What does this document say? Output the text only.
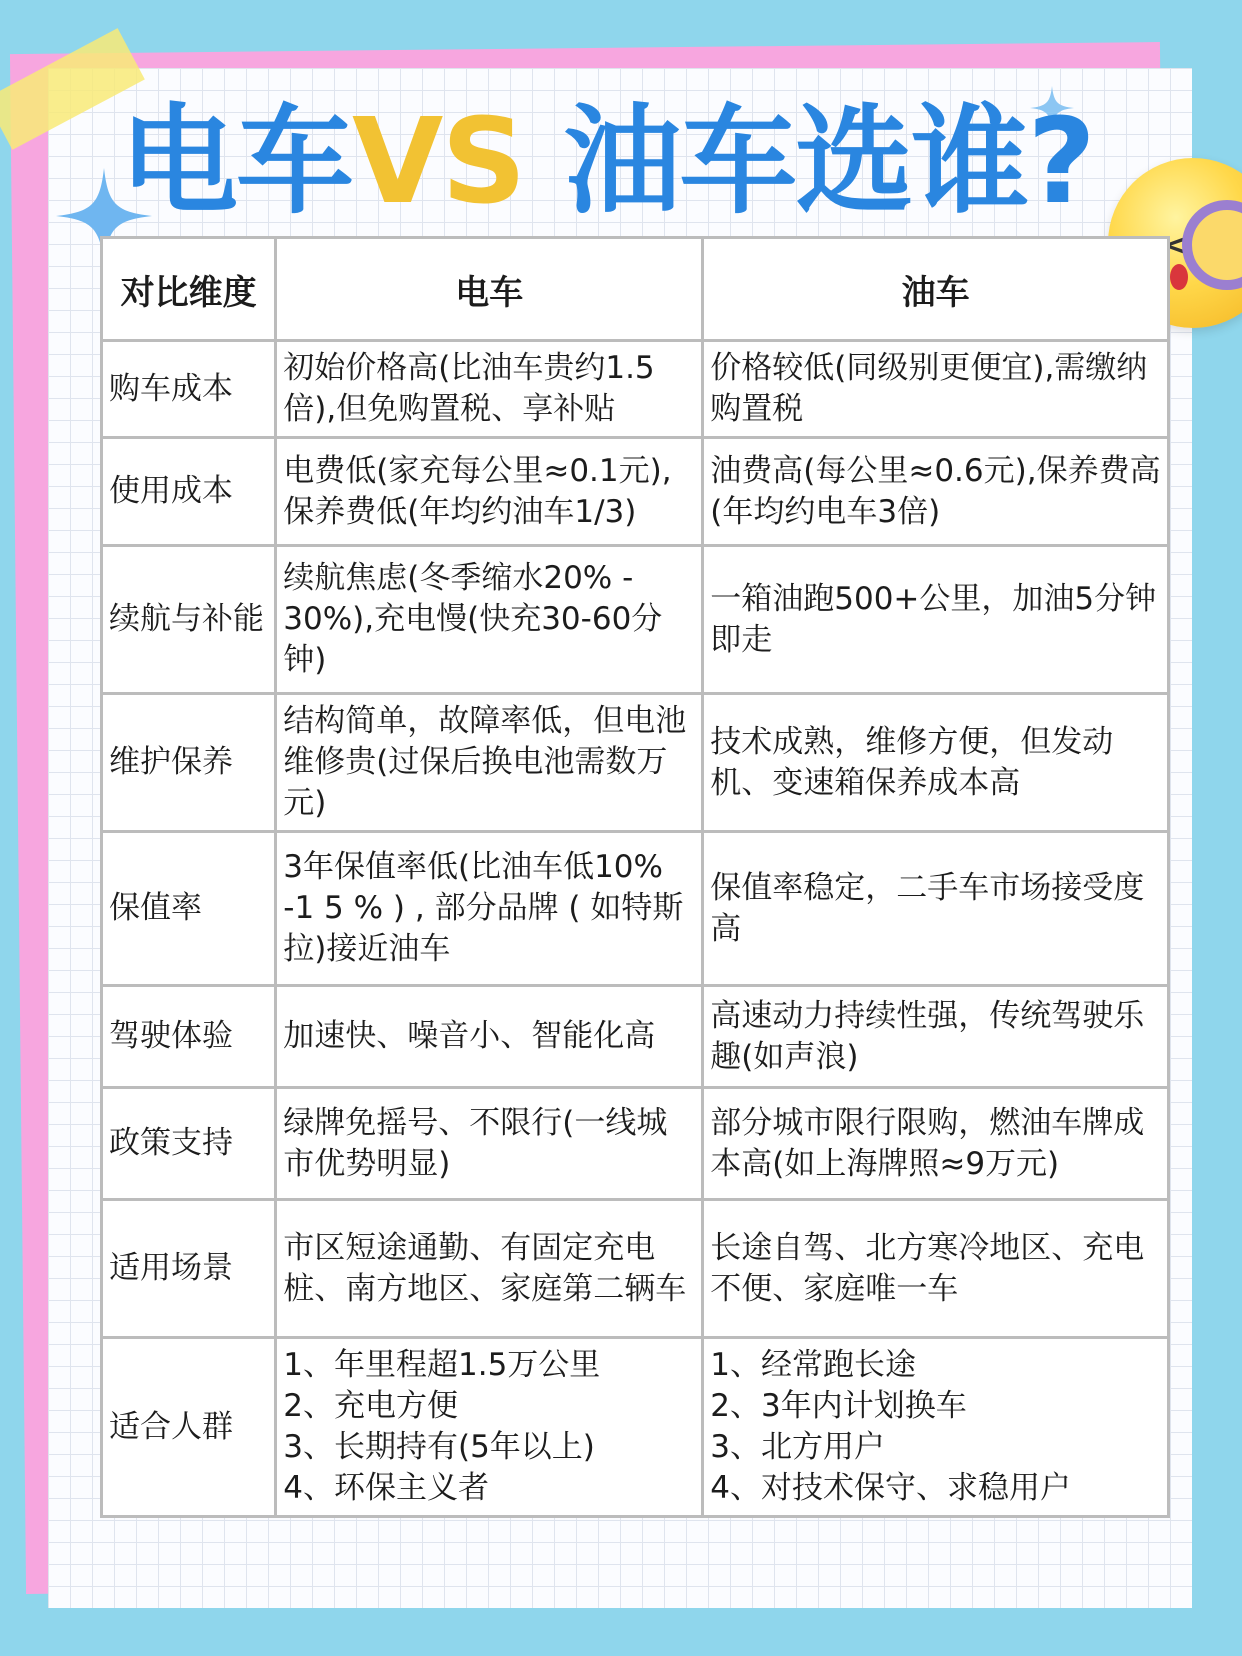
电车VS 油车选谁?
对比维度	电车	油车
购车成本	初始价格高(比油车贵约1.5倍),但免购置税、享补贴	价格较低(同级别更便宜),需缴纳购置税
使用成本	电费低(家充每公里≈0.1元),保养费低(年均约油车1/3)	油费高(每公里≈0.6元),保养费高(年均约电车3倍)
续航与补能	续航焦虑(冬季缩水20% - 30%),充电慢(快充30-60分钟)	一箱油跑500+公里，加油5分钟即走
维护保养	结构简单，故障率低，但电池维修贵(过保后换电池需数万元)	技术成熟，维修方便，但发动机、变速箱保养成本高
保值率	3年保值率低(比油车低10% -1 5 % ) , 部分品牌 ( 如特斯拉)接近油车	保值率稳定，二手车市场接受度高
驾驶体验	加速快、噪音小、智能化高	高速动力持续性强，传统驾驶乐趣(如声浪)
政策支持	绿牌免摇号、不限行(一线城市优势明显)	部分城市限行限购，燃油车牌成本高(如上海牌照≈9万元)
适用场景	市区短途通勤、有固定充电桩、南方地区、家庭第二辆车	长途自驾、北方寒冷地区、充电不便、家庭唯一车
适合人群	1、年里程超1.5万公里
2、充电方便
3、长期持有(5年以上)
4、环保主义者	1、经常跑长途
2、3年内计划换车
3、北方用户
4、对技术保守、求稳用户
